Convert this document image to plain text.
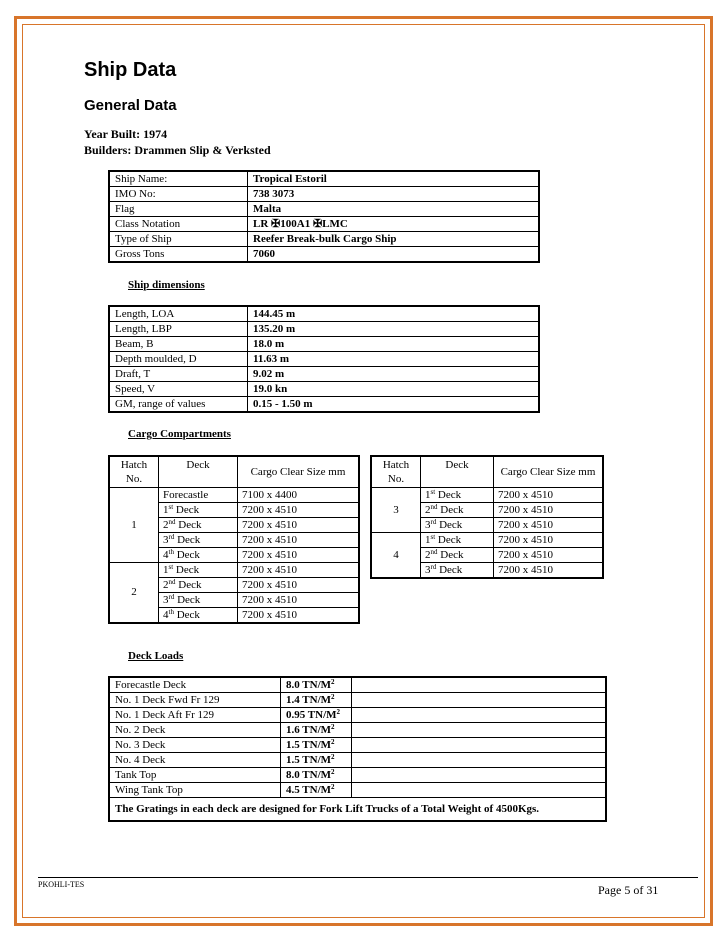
Ship Data
General Data
Year Built: 1974
Builders: Drammen Slip & Verksted
Ship Name:	Tropical Estoril
IMO No:	738 3073
Flag	Malta
Class Notation	LR ✠100A1 ✠LMC
Type of Ship	Reefer Break-bulk Cargo Ship
Gross Tons	7060
Ship dimensions
Length, LOA	144.45 m
Length, LBP	135.20 m
Beam, B	18.0 m
Depth moulded, D	11.63 m
Draft, T	9.02 m
Speed, V	19.0 kn
GM, range of values	0.15 - 1.50 m
Cargo Compartments
Hatch No.	Deck	Cargo Clear Size mm
1	Forecastle	7100 x 4400
	1st Deck	7200 x 4510
	2nd Deck	7200 x 4510
	3rd Deck	7200 x 4510
	4th Deck	7200 x 4510
2	1st Deck	7200 x 4510
	2nd Deck	7200 x 4510
	3rd Deck	7200 x 4510
	4th Deck	7200 x 4510
Hatch No.	Deck	Cargo Clear Size mm
3	1st Deck	7200 x 4510
	2nd Deck	7200 x 4510
	3rd Deck	7200 x 4510
4	1st Deck	7200 x 4510
	2nd Deck	7200 x 4510
	3rd Deck	7200 x 4510
Deck Loads
Forecastle Deck	8.0 $TN/M^2$	
No. 1 Deck Fwd Fr 129	1.4 $TN/M^2$	
No. 1 Deck Aft Fr 129	0.95 $TN/M^2$	
No. 2 Deck	1.6 $TN/M^2$	
No. 3 Deck	1.5 $TN/M^2$	
No. 4 Deck	1.5 $TN/M^2$	
Tank Top	8.0 $TN/M^2$	
Wing Tank Top	4.5 $TN/M^2$	
The Gratings in each deck are designed for Fork Lift Trucks of a Total Weight of 4500Kgs.		
PKOHLI-TES	Page 5 of 31
